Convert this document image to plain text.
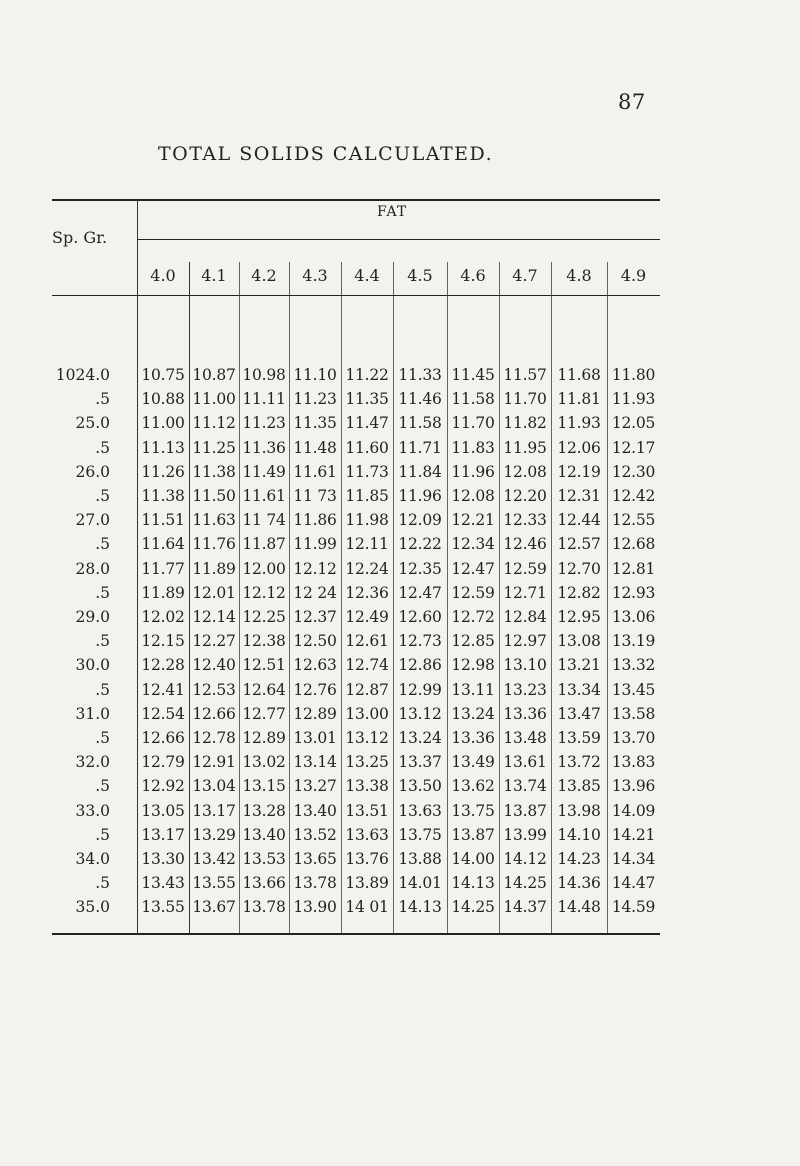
87
TOTAL SOLIDS CALCULATED.
FAT
Sp. Gr.
4.0	4.1	4.2	4.3	4.4	4.5	4.6	4.7	4.8	4.9
1024.0 10.75 10.87 10.98 11.10 11.22 11.33 11.45 11.57 11.68 11.80
.5 10.88 11.00 11.11 11.23 11.35 11.46 11.58 11.70 11.81 11.93
25.0 11.00 11.12 11.23 11.35 11.47 11.58 11.70 11.82 11.93 12.05
.5 11.13 11.25 11.36 11.48 11.60 11.71 11.83 11.95 12.06 12.17
26.0 11.26 11.38 11.49 11.61 11.73 11.84 11.96 12.08 12.19 12.30
.5 11.38 11.50 11.61 11 73 11.85 11.96 12.08 12.20 12.31 12.42
27.0 11.51 11.63 11 74 11.86 11.98 12.09 12.21 12.33 12.44 12.55
.5 11.64 11.76 11.87 11.99 12.11 12.22 12.34 12.46 12.57 12.68
28.0 11.77 11.89 12.00 12.12 12.24 12.35 12.47 12.59 12.70 12.81
.5 11.89 12.01 12.12 12 24 12.36 12.47 12.59 12.71 12.82 12.93
29.0 12.02 12.14 12.25 12.37 12.49 12.60 12.72 12.84 12.95 13.06
.5 12.15 12.27 12.38 12.50 12.61 12.73 12.85 12.97 13.08 13.19
30.0 12.28 12.40 12.51 12.63 12.74 12.86 12.98 13.10 13.21 13.32
.5 12.41 12.53 12.64 12.76 12.87 12.99 13.11 13.23 13.34 13.45
31.0 12.54 12.66 12.77 12.89 13.00 13.12 13.24 13.36 13.47 13.58
.5 12.66 12.78 12.89 13.01 13.12 13.24 13.36 13.48 13.59 13.70
32.0 12.79 12.91 13.02 13.14 13.25 13.37 13.49 13.61 13.72 13.83
.5 12.92 13.04 13.15 13.27 13.38 13.50 13.62 13.74 13.85 13.96
33.0 13.05 13.17 13.28 13.40 13.51 13.63 13.75 13.87 13.98 14.09
.5 13.17 13.29 13.40 13.52 13.63 13.75 13.87 13.99 14.10 14.21
34.0 13.30 13.42 13.53 13.65 13.76 13.88 14.00 14.12 14.23 14.34
.5 13.43 13.55 13.66 13.78 13.89 14.01 14.13 14.25 14.36 14.47
35.0 13.55 13.67 13.78 13.90 14 01 14.13 14.25 14.37 14.48 14.59
